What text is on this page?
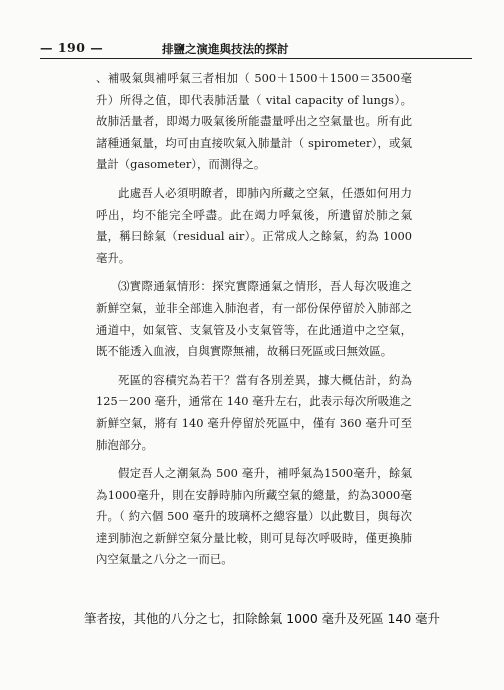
— 190 —	排鹽之演進與技法的探討

、補吸氣與補呼氣三者相加（ 500＋1500＋1500＝3500毫升）所得之值，即代表肺活量（ vital capacity of lungs）。故肺活量者，即竭力吸氣後所能盡量呼出之空氣量也。所有此諸種通氣量，均可由直接吹氣入肺量計（ spirometer），或氣量計（gasometer），而測得之。

此處吾人必須明瞭者，即肺內所藏之空氣，任憑如何用力呼出，均不能完全呼盡。此在竭力呼氣後，所遺留於肺之氣量，稱曰餘氣（residual air）。正常成人之餘氣，約為 1000 毫升。

⑶實際通氣情形：探究實際通氣之情形，吾人每次吸進之新鮮空氣，並非全部進入肺泡者，有一部份保停留於入肺部之通道中，如氣管、支氣管及小支氣管等，在此通道中之空氣，既不能透入血液，自與實際無補，故稱曰死區或曰無效區。

死區的容積究為若干？當有各別差異，據大概估計，約為 125－200 毫升，通常在 140 毫升左右，此表示每次所吸進之新鮮空氣，將有 140 毫升停留於死區中，僅有 360 毫升可至肺泡部分。

假定吾人之潮氣為 500 毫升，補呼氣為1500毫升，餘氣為1000毫升，則在安靜時肺內所藏空氣的總量，約為3000毫升。（ 約六個 500 毫升的玻璃杯之總容量）以此數目，與每次達到肺泡之新鮮空氣分量比較，則可見每次呼吸時，僅更換肺內空氣量之八分之一而已。

筆者按，其他的八分之七，扣除餘氣 1000 毫升及死區 140 毫升
